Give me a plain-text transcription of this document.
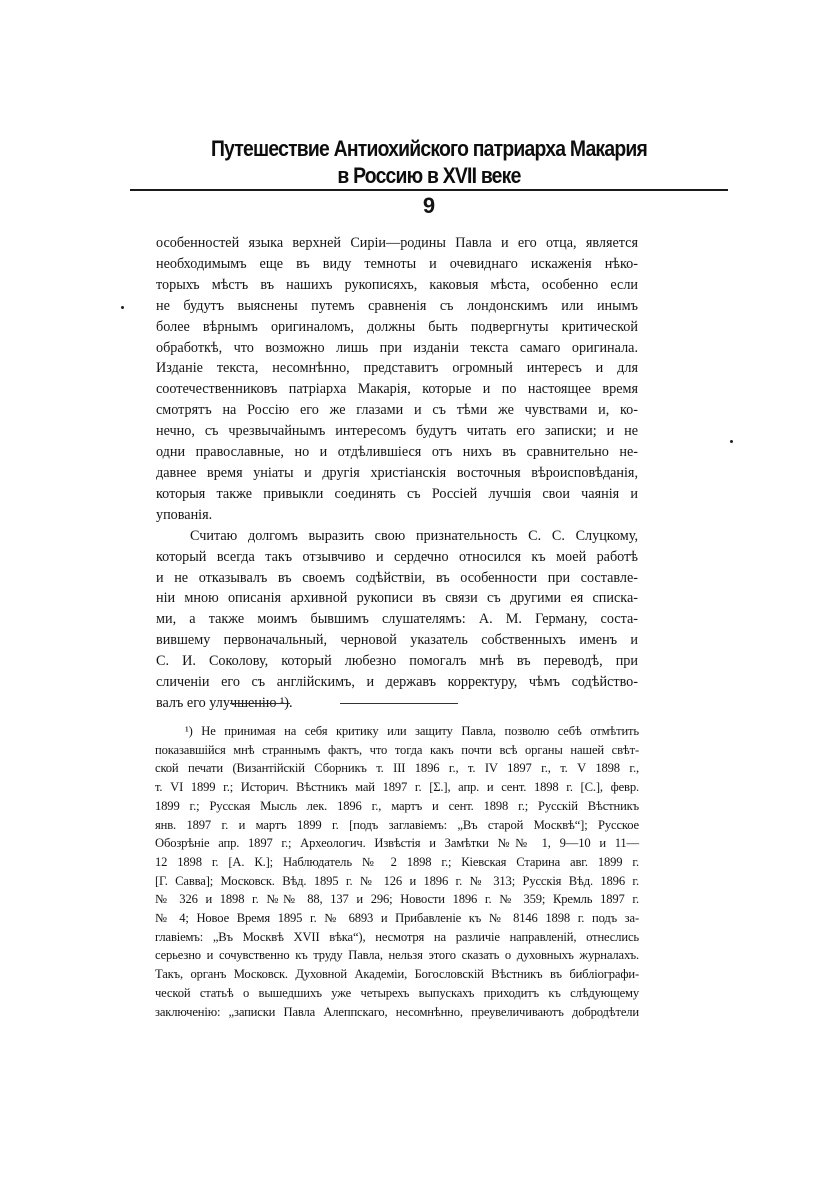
Путешествие Антиохийского патриарха Макария

в Россию в XVII веке

9

особенностей языка верхней Сиріи—родины Павла и его отца, является
необходимымъ еще въ виду темноты и очевиднаго искаженія нѣко-
торыхъ мѣстъ въ нашихъ рукописяхъ, каковыя мѣста, особенно если
не будутъ выяснены путемъ сравненія съ лондонскимъ или инымъ
более вѣрнымъ оригиналомъ, должны быть подвергнуты критической
обработкѣ, что возможно лишь при изданіи текста самаго оригинала.
Изданіе текста, несомнѣнно, представитъ огромный интересъ и для
соотечественниковъ патріарха Макарія, которые и по настоящее время
смотрятъ на Россію его же глазами и съ тѣми же чувствами и, ко-
нечно, съ чрезвычайнымъ интересомъ будутъ читать его записки; и не
одни православные, но и отдѣлившіеся отъ нихъ въ сравнительно не-
давнее время уніаты и другія христіанскія восточныя вѣроисповѣданія,
которыя также привыкли соединять съ Россіей лучшія свои чаянія и
упованія.

Считаю долгомъ выразить свою признательность С. С. Слуцкому,
который всегда такъ отзывчиво и сердечно относился къ моей работѣ
и не отказывалъ въ своемъ содѣйствіи, въ особенности при составле-
ніи мною описанія архивной рукописи въ связи съ другими ея списка-
ми, а также моимъ бывшимъ слушателямъ: А. М. Герману, соста-
вившему первоначальный, черновой указатель собственныхъ именъ и
С. И. Соколову, который любезно помогалъ мнѣ въ переводѣ, при
сличеніи его съ англійскимъ, и державъ корректуру, чѣмъ содѣйство-
валъ его улучшенію ¹).

¹) Не принимая на себя критику или защиту Павла, позволю себѣ отмѣтить
показавшійся мнѣ страннымъ фактъ, что тогда какъ почти всѣ органы нашей свѣт-
ской печати (Византійскій Сборникъ т. III 1896 г., т. IV 1897 г., т. V 1898 г.,
т. VI 1899 г.; Историч. Вѣстникъ май 1897 г. [Σ.], апр. и сент. 1898 г. [С.], февр.
1899 г.; Русская Мысль лек. 1896 г., мартъ и сент. 1898 г.; Русскій Вѣстникъ
янв. 1897 г. и мартъ 1899 г. [подъ заглавіемъ: „Въ старой Москвѣ“]; Русское
Обозрѣніе апр. 1897 г.; Археологич. Извѣстія и Замѣтки №№ 1, 9—10 и 11—
12 1898 г. [А. К.]; Наблюдатель № 2 1898 г.; Кіевская Старина авг. 1899 г.
[Г. Савва]; Московск. Вѣд. 1895 г. № 126 и 1896 г. № 313; Русскія Вѣд. 1896 г.
№ 326 и 1898 г. №№ 88, 137 и 296; Новости 1896 г. № 359; Кремль 1897 г.
№ 4; Новое Время 1895 г. № 6893 и Прибавленіе къ № 8146 1898 г. подъ за-
главіемъ: „Въ Москвѣ XVII вѣка“), несмотря на различіе направленій, отнеслись
серьезно и сочувственно къ труду Павла, нельзя этого сказать о духовныхъ журналахъ.
Такъ, органъ Московск. Духовной Академіи, Богословскій Вѣстникъ въ библіографи-
ческой статьѣ о вышедшихъ уже четырехъ выпускахъ приходитъ къ слѣдующему
заключенію: „записки Павла Алеппскаго, несомнѣнно, преувеличиваютъ добродѣтели
